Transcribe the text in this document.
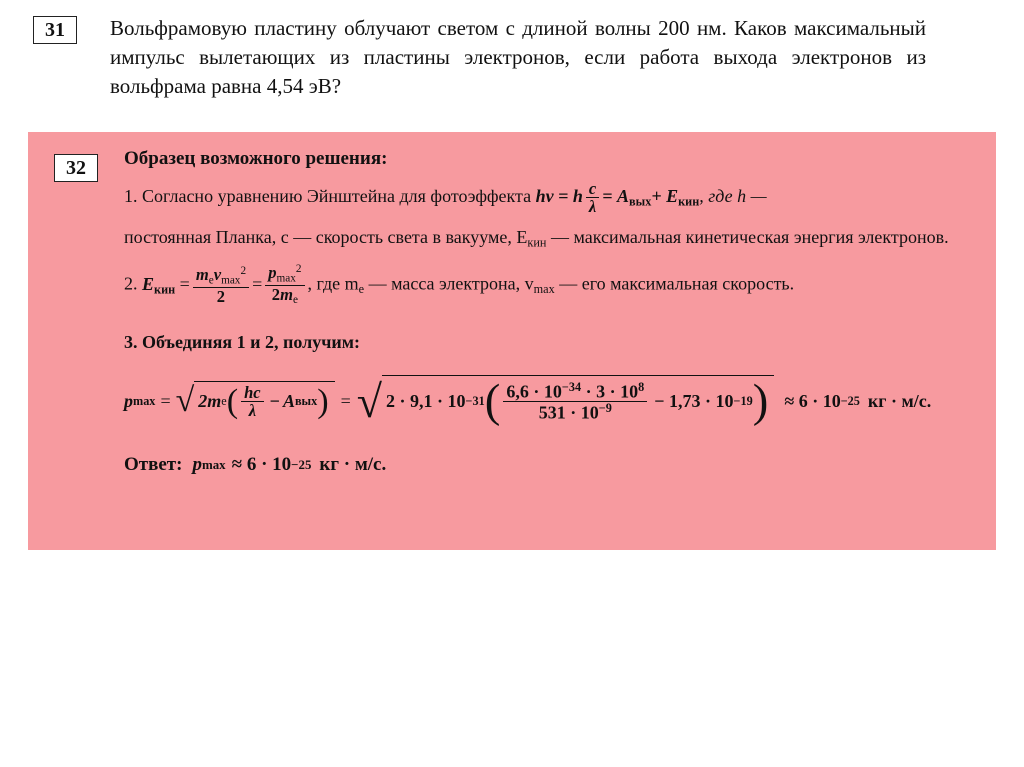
31	Вольфрамовую пластину облучают светом с длиной волны 200 нм. Каков максимальный импульс вылетающих из пластины электронов, если работа выхода электронов из вольфрама равна 4,54 эВ?
32	Образец возможного решения:
1. Согласно уравнению Эйнштейна для фотоэффекта hν = h $\frac{c}{\lambda} = A_{вых}+ E_{кин}$, где h —
постоянная Планка, c — скорость света в вакууме, $E_{кин}$ — максимальная кинетическая энергия электронов.
2. $E_{кин} = \frac{m_ev_{max}^2}{2} = \frac{p_{max}^2}{2m_e}$ , где $m_e$ — масса электрона, $v_{max}$ — его максимальная скорость.
3. Объединяя 1 и 2, получим:
p max = √ 2m e ( $\frac{hc}{\lambda} - A$ вых ) = √ 2 · 9,1 · 10 −31 ( $\frac{6,6 \cdot 10^{-34} \cdot 3 \cdot 10^8}{531 \cdot 10^{-9}} - 1,73 \cdot 10 -19$ ) ≈ 6 · 10 −25 кг · м/с.
Ответ: p max ≈ 6 · 10 −25 кг · м/с.
